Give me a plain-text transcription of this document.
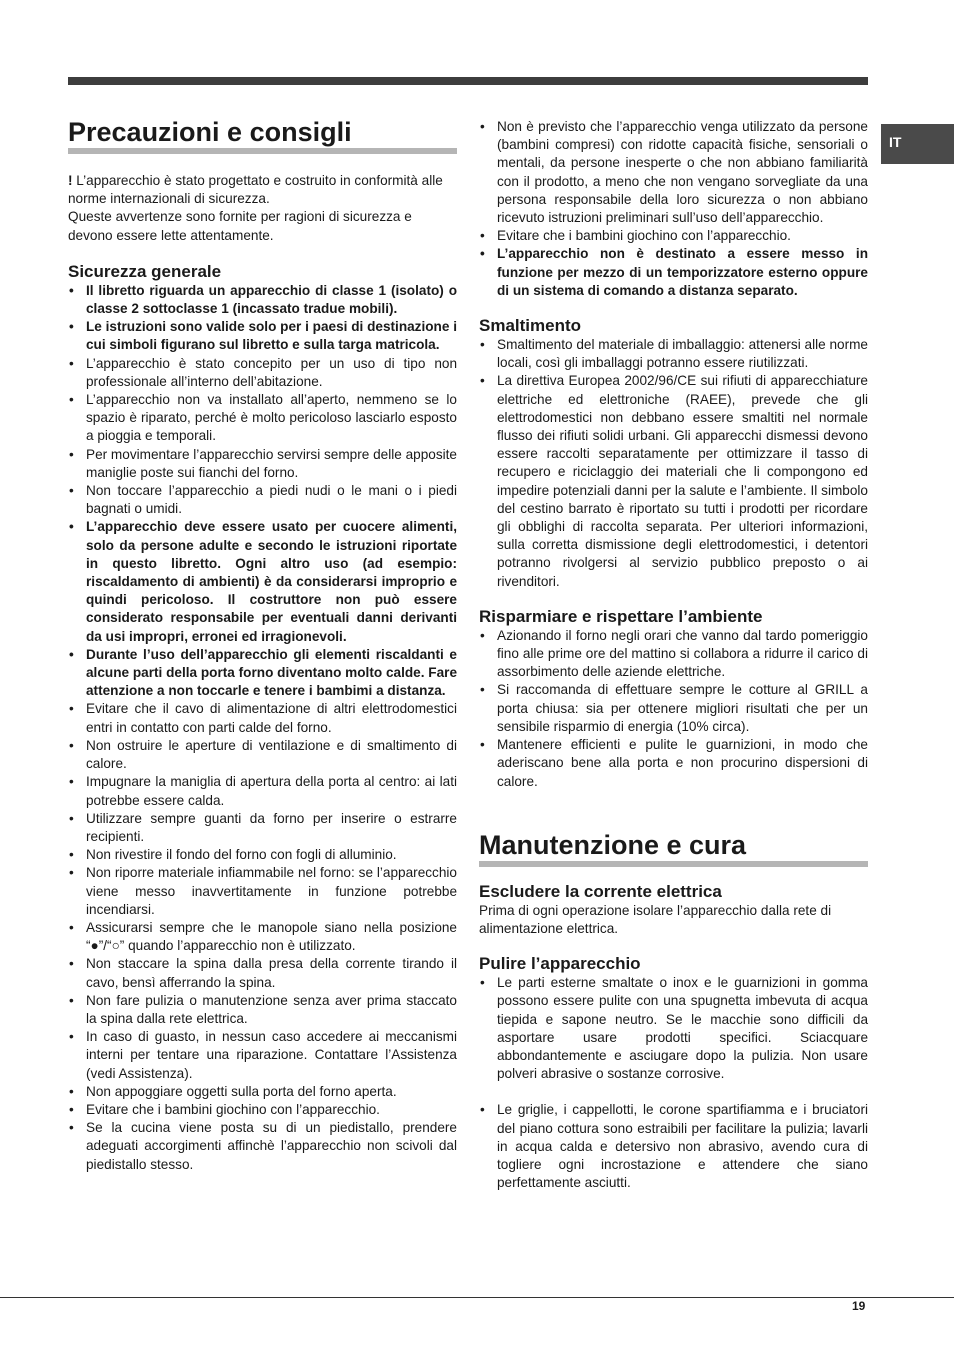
IT
Precauzioni e consigli

! L’apparecchio è stato progettato e costruito in conformità alle norme internazionali di sicurezza.

Queste avvertenze sono fornite per ragioni di sicurezza e devono essere lette attentamente.

Sicurezza generale
• Il libretto riguarda un apparecchio di classe 1 (isolato) o classe 2 sottoclasse 1 (incassato tradue mobili).
• Le istruzioni sono valide solo per i paesi di destinazione i cui simboli figurano sul libretto e sulla targa matricola.
• L’apparecchio è stato concepito per un uso di tipo non professionale all’interno dell’abitazione.
• L’apparecchio non va installato all’aperto, nemmeno se lo spazio è riparato, perché è molto pericoloso lasciarlo esposto a pioggia e temporali.
• Per movimentare l’apparecchio servirsi sempre delle apposite maniglie poste sui fianchi del forno.
• Non toccare l’apparecchio a piedi nudi o le mani o i piedi bagnati o umidi.
• L’apparecchio deve essere usato per cuocere alimenti, solo da persone adulte e secondo le istruzioni riportate in questo libretto. Ogni altro uso (ad esempio: riscaldamento di ambienti) è da considerarsi improprio e quindi pericoloso. Il costruttore non può essere considerato responsabile per eventuali danni derivanti da usi impropri, erronei ed irragionevoli.
• Durante l’uso dell’apparecchio gli elementi riscaldanti e alcune parti della porta forno diventano molto calde. Fare attenzione a non toccarle e tenere i bambimi a distanza.
• Evitare che il cavo di alimentazione di altri elettrodomestici entri in contatto con parti calde del forno.
• Non ostruire le aperture di ventilazione e di smaltimento di calore.
• Impugnare la maniglia di apertura della porta al centro: ai lati potrebbe essere calda.
• Utilizzare sempre guanti da forno per inserire o estrarre recipienti.
• Non rivestire il fondo del forno con fogli di alluminio.
• Non riporre materiale infiammabile nel forno: se l’apparecchio viene messo inavvertitamente in funzione potrebbe incendiarsi.
• Assicurarsi sempre che le manopole siano nella posizione “●”/“○” quando l’apparecchio non è utilizzato.
• Non staccare la spina dalla presa della corrente tirando il cavo, bensì afferrando la spina.
• Non fare pulizia o manutenzione senza aver prima staccato la spina dalla rete elettrica.
• In caso di guasto, in nessun caso accedere ai meccanismi interni per tentare una riparazione. Contattare l’Assistenza (vedi Assistenza).
• Non appoggiare oggetti sulla porta del forno aperta.
• Evitare che i bambini giochino con l’apparecchio.
• Se la cucina viene posta su di un piedistallo, prendere adeguati accorgimenti affinchè l’apparecchio non scivoli dal piedistallo stesso.
• Non è previsto che l’apparecchio venga utilizzato da persone (bambini compresi) con ridotte capacità fisiche, sensoriali o mentali, da persone inesperte o che non abbiano familiarità con il prodotto, a meno che non vengano sorvegliate da una persona responsabile della loro sicurezza o non abbiano ricevuto istruzioni preliminari sull’uso dell’apparecchio.
• Evitare che i bambini giochino con l’apparecchio.
• L’apparecchio non è destinato a essere messo in funzione per mezzo di un temporizzatore esterno oppure di un sistema di comando a distanza separato.
Smaltimento
• Smaltimento del materiale di imballaggio: attenersi alle norme locali, così gli imballaggi potranno essere riutilizzati.
• La direttiva Europea 2002/96/CE sui rifiuti di apparecchiature elettriche ed elettroniche (RAEE), prevede che gli elettrodomestici non debbano essere smaltiti nel normale flusso dei rifiuti solidi urbani. Gli apparecchi dismessi devono essere raccolti separatamente per ottimizzare il tasso di recupero e riciclaggio dei materiali che li compongono ed impedire potenziali danni per la salute e l’ambiente. Il simbolo del cestino barrato è riportato su tutti i prodotti per ricordare gli obblighi di raccolta separata. Per ulteriori informazioni, sulla corretta dismissione degli elettrodomestici, i detentori potranno rivolgersi al servizio pubblico preposto o ai rivenditori.
Risparmiare e rispettare l’ambiente
• Azionando il forno negli orari che vanno dal tardo pomeriggio fino alle prime ore del mattino si collabora a ridurre il carico di assorbimento delle aziende elettriche.
• Si raccomanda di effettuare sempre le cotture al GRILL a porta chiusa: sia per ottenere migliori risultati che per un sensibile risparmio di energia (10% circa).
• Mantenere efficienti e pulite le guarnizioni, in modo che aderiscano bene alla porta e non procurino dispersioni di calore.
Manutenzione e cura
Escludere la corrente elettrica

Prima di ogni operazione isolare l’apparecchio dalla rete di alimentazione elettrica.

Pulire l’apparecchio
• Le parti esterne smaltate o inox e le guarnizioni in gomma possono essere pulite con una spugnetta imbevuta di acqua tiepida e sapone neutro. Se le macchie sono difficili da asportare usare prodotti specifici. Sciacquare abbondantemente e asciugare dopo la pulizia. Non usare polveri abrasive o sostanze corrosive.
• Le griglie, i cappellotti, le corone spartifiamma e i bruciatori del piano cottura sono estraibili per facilitare la pulizia; lavarli in acqua calda e detersivo non abrasivo, avendo cura di togliere ogni incrostazione e attendere che siano perfettamente asciutti.
19
